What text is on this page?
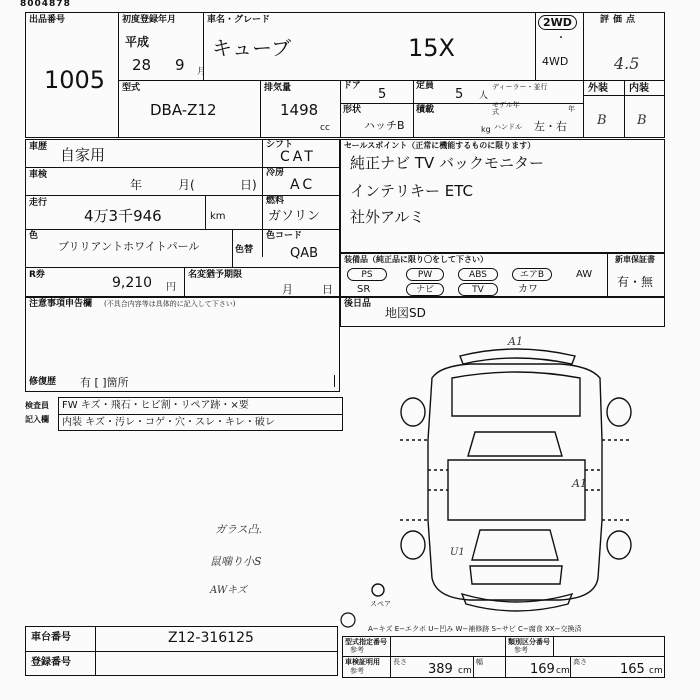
8004878
出品番号
1005
初度登録年月
平成
28 9 月
車名・グレード
キューブ	15X
2WD
・
4WD
評価点
4.5
外装 内装
B B
型式
DBA-Z12
排気量
1498
cc
ドア
5
定員
5 人
ディーラー・並行
形状
ハッチB
積載
kg
モデル年式	年
ハンドル 左・右
車歴 自家用
シフト
CAT
車検
年	月(	日)
冷房
AC
走行
4万3千946	km
燃料
ガソリン
色
ブリリアントホワイトパール	色替
色コード
QAB
R券	9,210 円
名変猶予期限
月	日
注意事項申告欄 (不具合内容等は具体的に記入して下さい)
修復歴 有 [ ]箇所
検査員
記入欄
FW キズ・飛石・ヒビ割・リペア跡・×要
内装 キズ・汚レ・コゲ・穴・スレ・キレ・破レ
セールスポイント（正常に機能するものに限ります）
純正ナビ TV バックモニター
インテリキー ETC
社外アルミ
装備品（純正品に限り〇をして下さい）
PS	PW	ABS	エアB	AW
SR	ナビ	TV	カワ
新車保証書
有・無
後日品
地図SD
A1
A1
U1
スペア
ガラス凸.
鼠噛り小S
AWキズ
A−キズ E−エクボ U−凹み W−補修跡 S−サビ C−腐食 XX−交換済
車台番号	Z12-316125
登録番号
型式指定番号
参考
類別区分番号
参考
車検証明用
参考
長さ 389 cm
幅	169 cm
高さ	165 cm
